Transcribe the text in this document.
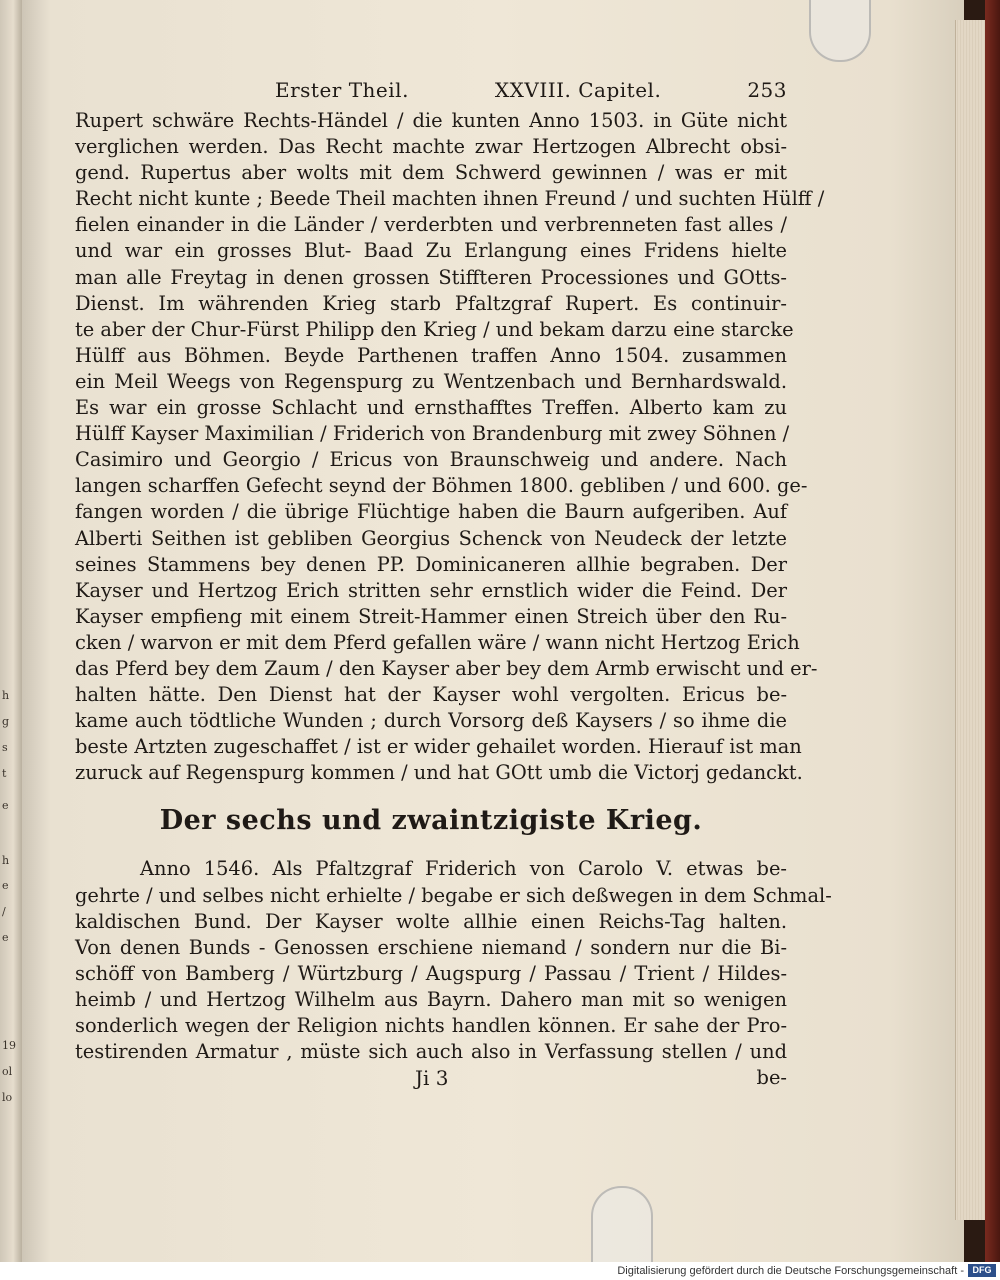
h
g
s
t
e
h
e
/
e
19
ol
lo
Erster Theil.	XXVIII. Capitel.	253
Rupert schwäre Rechts-Händel / die kunten Anno 1503. in Güte nicht
verglichen werden. Das Recht machte zwar Hertzogen Albrecht obsi-
gend. Rupertus aber wolts mit dem Schwerd gewinnen / was er mit
Recht nicht kunte ; Beede Theil machten ihnen Freund / und suchten Hülff /
fielen einander in die Länder / verderbten und verbrenneten fast alles /
und war ein grosses Blut- Baad Zu Erlangung eines Fridens hielte
man alle Freytag in denen grossen Stiffteren Processiones und GOtts-
Dienst. Im währenden Krieg starb Pfaltzgraf Rupert. Es continuir-
te aber der Chur-Fürst Philipp den Krieg / und bekam darzu eine starcke
Hülff aus Böhmen. Beyde Parthenen traffen Anno 1504. zusammen
ein Meil Weegs von Regenspurg zu Wentzenbach und Bernhardswald.
Es war ein grosse Schlacht und ernsthafftes Treffen. Alberto kam zu
Hülff Kayser Maximilian / Friderich von Brandenburg mit zwey Söhnen /
Casimiro und Georgio / Ericus von Braunschweig und andere. Nach
langen scharffen Gefecht seynd der Böhmen 1800. gebliben / und 600. ge-
fangen worden / die übrige Flüchtige haben die Baurn aufgeriben. Auf
Alberti Seithen ist gebliben Georgius Schenck von Neudeck der letzte
seines Stammens bey denen PP. Dominicaneren allhie begraben. Der
Kayser und Hertzog Erich stritten sehr ernstlich wider die Feind. Der
Kayser empfieng mit einem Streit-Hammer einen Streich über den Ru-
cken / warvon er mit dem Pferd gefallen wäre / wann nicht Hertzog Erich
das Pferd bey dem Zaum / den Kayser aber bey dem Armb erwischt und er-
halten hätte. Den Dienst hat der Kayser wohl vergolten. Ericus be-
kame auch tödtliche Wunden ; durch Vorsorg deß Kaysers / so ihme die
beste Artzten zugeschaffet / ist er wider gehailet worden. Hierauf ist man
zuruck auf Regenspurg kommen / und hat GOtt umb die Victorj gedanckt.
Der sechs und zwaintzigiste Krieg.
Anno 1546. Als Pfaltzgraf Friderich von Carolo V. etwas be-
gehrte / und selbes nicht erhielte / begabe er sich deßwegen in dem Schmal-
kaldischen Bund. Der Kayser wolte allhie einen Reichs-Tag halten.
Von denen Bunds - Genossen erschiene niemand / sondern nur die Bi-
schöff von Bamberg / Würtzburg / Augspurg / Passau / Trient / Hildes-
heimb / und Hertzog Wilhelm aus Bayrn. Dahero man mit so wenigen
sonderlich wegen der Religion nichts handlen können. Er sahe der Pro-
testirenden Armatur , müste sich auch also in Verfassung stellen / und
Ji 3	be-
Digitalisierung gefördert durch die Deutsche Forschungsgemeinschaft - DFG
